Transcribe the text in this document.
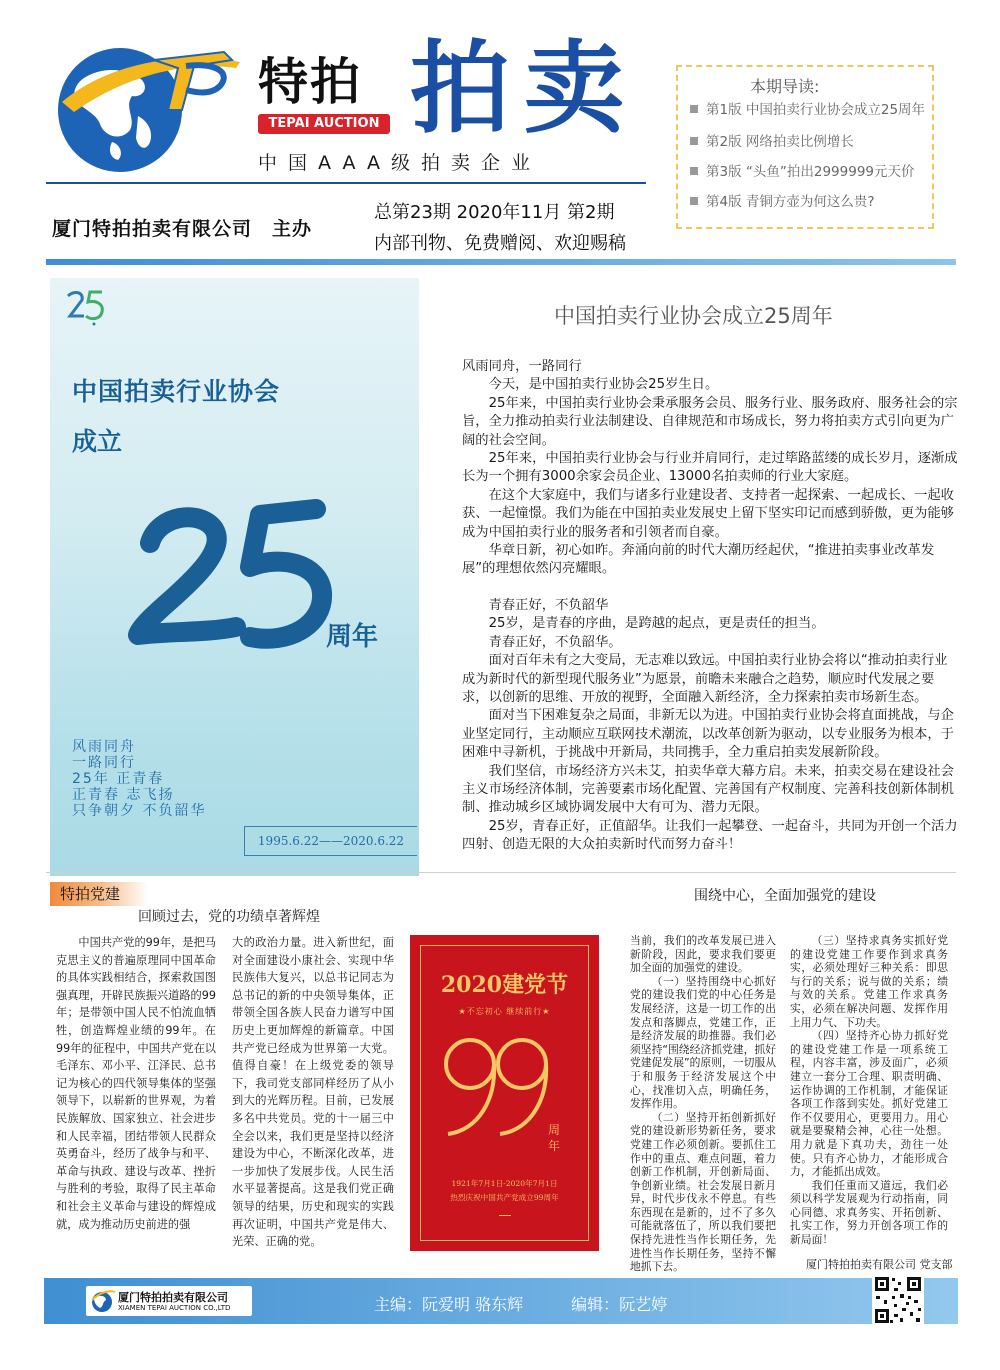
特拍
TEPAI AUCTION 拍卖
中国AAA级拍卖企业
厦门特拍拍卖有限公司　主办
总第23期 2020年11月 第2期
内部刊物、免费赠阅、欢迎赐稿
本期导读:
第1版 中国拍卖行业协会成立25周年
第2版 网络拍卖比例增长
第3版 “头鱼”拍出2999999元天价
第4版 青铜方壶为何这么贵?
中国拍卖行业协会
成立
周年
风雨同舟
一路同行
25年 正青春
正青春 志飞扬
只争朝夕 不负韶华
1995.6.22——2020.6.22
中国拍卖行业协会成立25周年

风雨同舟，一路同行

今天，是中国拍卖行业协会25岁生日。

25年来，中国拍卖行业协会秉承服务会员、服务行业、服务政府、服务社会的宗旨，全力推动拍卖行业法制建设、自律规范和市场成长，努力将拍卖方式引向更为广阔的社会空间。

25年来，中国拍卖行业协会与行业并肩同行，走过筚路蓝缕的成长岁月，逐渐成长为一个拥有3000余家会员企业、13000名拍卖师的行业大家庭。

在这个大家庭中，我们与诸多行业建设者、支持者一起探索、一起成长、一起收获、一起憧憬。我们为能在中国拍卖业发展史上留下坚实印记而感到骄傲，更为能够成为中国拍卖行业的服务者和引领者而自豪。

华章日新，初心如昨。奔涌向前的时代大潮历经起伏，“推进拍卖事业改革发展”的理想依然闪亮耀眼。

青春正好，不负韶华

25岁，是青春的序曲，是跨越的起点，更是责任的担当。

青春正好，不负韶华。

面对百年未有之大变局，无志难以致远。中国拍卖行业协会将以“推动拍卖行业成为新时代的新型现代服务业”为愿景，前瞻未来融合之趋势，顺应时代发展之要求，以创新的思维、开放的视野，全面融入新经济，全力探索拍卖市场新生态。

面对当下困难复杂之局面，非新无以为进。中国拍卖行业协会将直面挑战，与企业坚定同行，主动顺应互联网技术潮流，以改革创新为驱动，以专业服务为根本，于困难中寻新机，于挑战中开新局，共同携手，全力重启拍卖发展新阶段。

我们坚信，市场经济方兴未艾，拍卖华章大幕方启。未来，拍卖交易在建设社会主义市场经济体制，完善要素市场化配置、完善国有产权制度、完善科技创新体制机制、推动城乡区域协调发展中大有可为、潜力无限。

25岁，青春正好，正值韶华。让我们一起攀登、一起奋斗，共同为开创一个活力四射、创造无限的大众拍卖新时代而努力奋斗！

特拍党建
回顾过去，党的功绩卓著辉煌
围绕中心，全面加强党的建设

中国共产党的99年，是把马克思主义的普遍原理同中国革命的具体实践相结合，探索救国图强真理，开辟民族振兴道路的99年；是带领中国人民不怕流血牺牲，创造辉煌业绩的99年。在99年的征程中，中国共产党在以毛泽东、邓小平、江泽民、总书记为核心的四代领导集体的坚强领导下，以崭新的世界观，为着民族解放、国家独立、社会进步和人民幸福，团结带领人民群众英勇奋斗，经历了战争与和平、革命与执政、建设与改革、挫折与胜利的考验，取得了民主革命和社会主义革命与建设的辉煌成就，成为推动历史前进的强

大的政治力量。进入新世纪，面对全面建设小康社会、实现中华民族伟大复兴，以总书记同志为总书记的新的中央领导集体，正带领全国各族人民奋力谱写中国历史上更加辉煌的新篇章。中国共产党已经成为世界第一大党。值得自豪！在上级党委的领导下，我司党支部同样经历了从小到大的光辉历程。目前，已发展多名中共党员。党的十一届三中全会以来，我们更是坚持以经济建设为中心，不断深化改革，进一步加快了发展步伐。人民生活水平显著提高。这是我们党正确领导的结果，历史和现实的实践再次证明，中国共产党是伟大、光荣、正确的党。

2020建党节
★不忘初心 继续前行★
周年
1921年7月1日-2020年7月1日
热烈庆祝中国共产党成立99周年

当前，我们的改革发展已进入新阶段，因此，要求我们要更加全面的加强党的建设。

（一）坚持围绕中心抓好党的建设我们党的中心任务是发展经济，这是一切工作的出发点和落脚点，党建工作，正是经济发展的助推器。我们必须坚持“围绕经济抓党建，抓好党建促发展”的原则，一切服从于和服务于经济发展这个中心，找准切入点，明确任务，发挥作用。

（二）坚持开拓创新抓好党的建设新形势新任务，要求党建工作必须创新。要抓住工作中的重点、难点问题，着力创新工作机制，开创新局面、争创新业绩。社会发展日新月异，时代步伐永不停息。有些东西现在是新的，过不了多久可能就落伍了，所以我们要把保持先进性当作长期任务，先进性当作长期任务，坚持不懈地抓下去。

（三）坚持求真务实抓好党的建设党建工作要作到求真务实，必须处理好三种关系：即思与行的关系；说与做的关系；绩与效的关系。党建工作求真务实，必须在解决问题、发挥作用上用力气、下功夫。

（四）坚持齐心协力抓好党的建设党建工作是一项系统工程，内容丰富，涉及面广，必须建立一套分工合理、职责明确、运作协调的工作机制，才能保证各项工作落到实处。抓好党建工作不仅要用心，更要用力。用心就是要聚精会神，心往一处想。用力就是下真功夫，劲往一处使。只有齐心协力，才能形成合力，才能抓出成效。

我们任重而又道远，我们必须以科学发展观为行动指南，同心同德、求真务实、开拓创新、扎实工作，努力开创各项工作的新局面！

厦门特拍拍卖有限公司 党支部
厦门特拍拍卖有限公司
XIAMEN TEPAI AUCTION CO.,LTD	主编：阮爱明 骆东辉　　　编辑：阮艺婷
